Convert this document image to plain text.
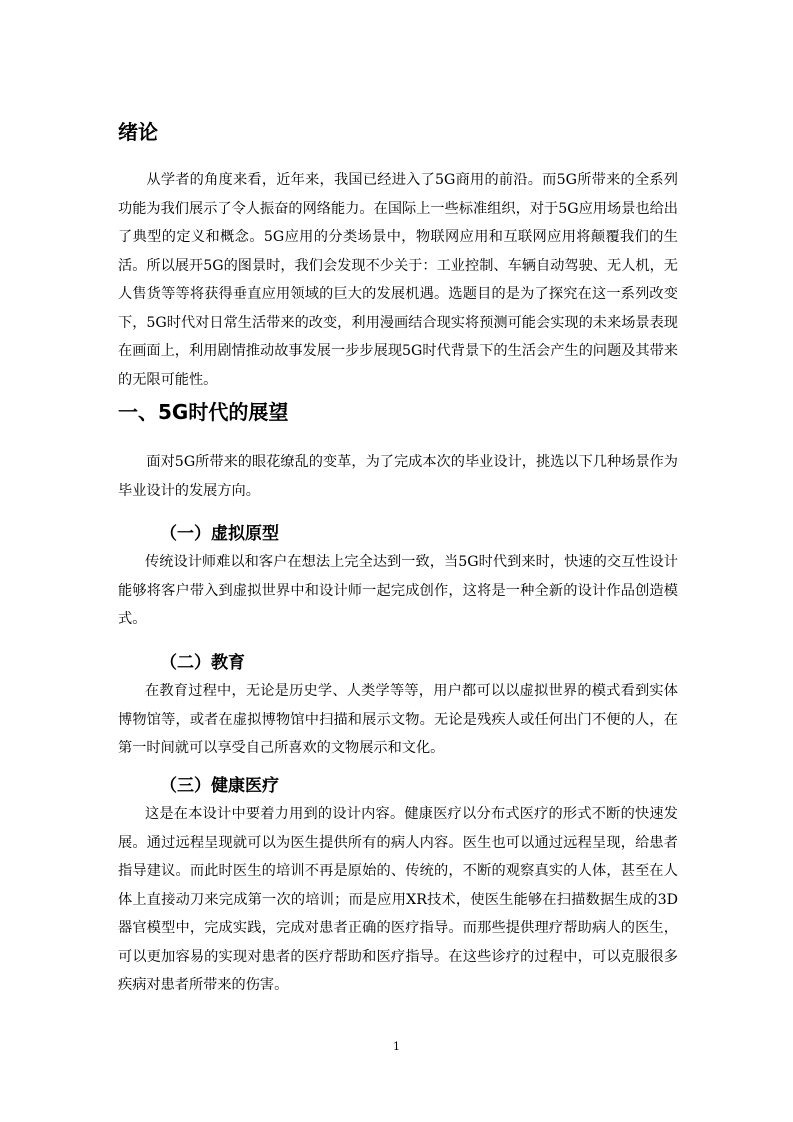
绪论

从学者的角度来看，近年来，我国已经进入了5G商用的前沿。而5G所带来的全系列功能为我们展示了令人振奋的网络能力。在国际上一些标准组织，对于5G应用场景也给出了典型的定义和概念。5G应用的分类场景中，物联网应用和互联网应用将颠覆我们的生活。所以展开5G的图景时，我们会发现不少关于：工业控制、车辆自动驾驶、无人机，无人售货等等将获得垂直应用领域的巨大的发展机遇。选题目的是为了探究在这一系列改变下，5G时代对日常生活带来的改变，利用漫画结合现实将预测可能会实现的未来场景表现在画面上，利用剧情推动故事发展一步步展现5G时代背景下的生活会产生的问题及其带来的无限可能性。

一、5G时代的展望

面对5G所带来的眼花缭乱的变革，为了完成本次的毕业设计，挑选以下几种场景作为毕业设计的发展方向。

（一）虚拟原型

传统设计师难以和客户在想法上完全达到一致，当5G时代到来时，快速的交互性设计能够将客户带入到虚拟世界中和设计师一起完成创作，这将是一种全新的设计作品创造模式。

（二）教育

在教育过程中，无论是历史学、人类学等等，用户都可以以虚拟世界的模式看到实体博物馆等，或者在虚拟博物馆中扫描和展示文物。无论是残疾人或任何出门不便的人，在第一时间就可以享受自己所喜欢的文物展示和文化。

（三）健康医疗

这是在本设计中要着力用到的设计内容。健康医疗以分布式医疗的形式不断的快速发展。通过远程呈现就可以为医生提供所有的病人内容。医生也可以通过远程呈现，给患者指导建议。而此时医生的培训不再是原始的、传统的，不断的观察真实的人体，甚至在人体上直接动刀来完成第一次的培训；而是应用XR技术，使医生能够在扫描数据生成的3D器官模型中，完成实践，完成对患者正确的医疗指导。而那些提供理疗帮助病人的医生，可以更加容易的实现对患者的医疗帮助和医疗指导。在这些诊疗的过程中，可以克服很多疾病对患者所带来的伤害。

1
